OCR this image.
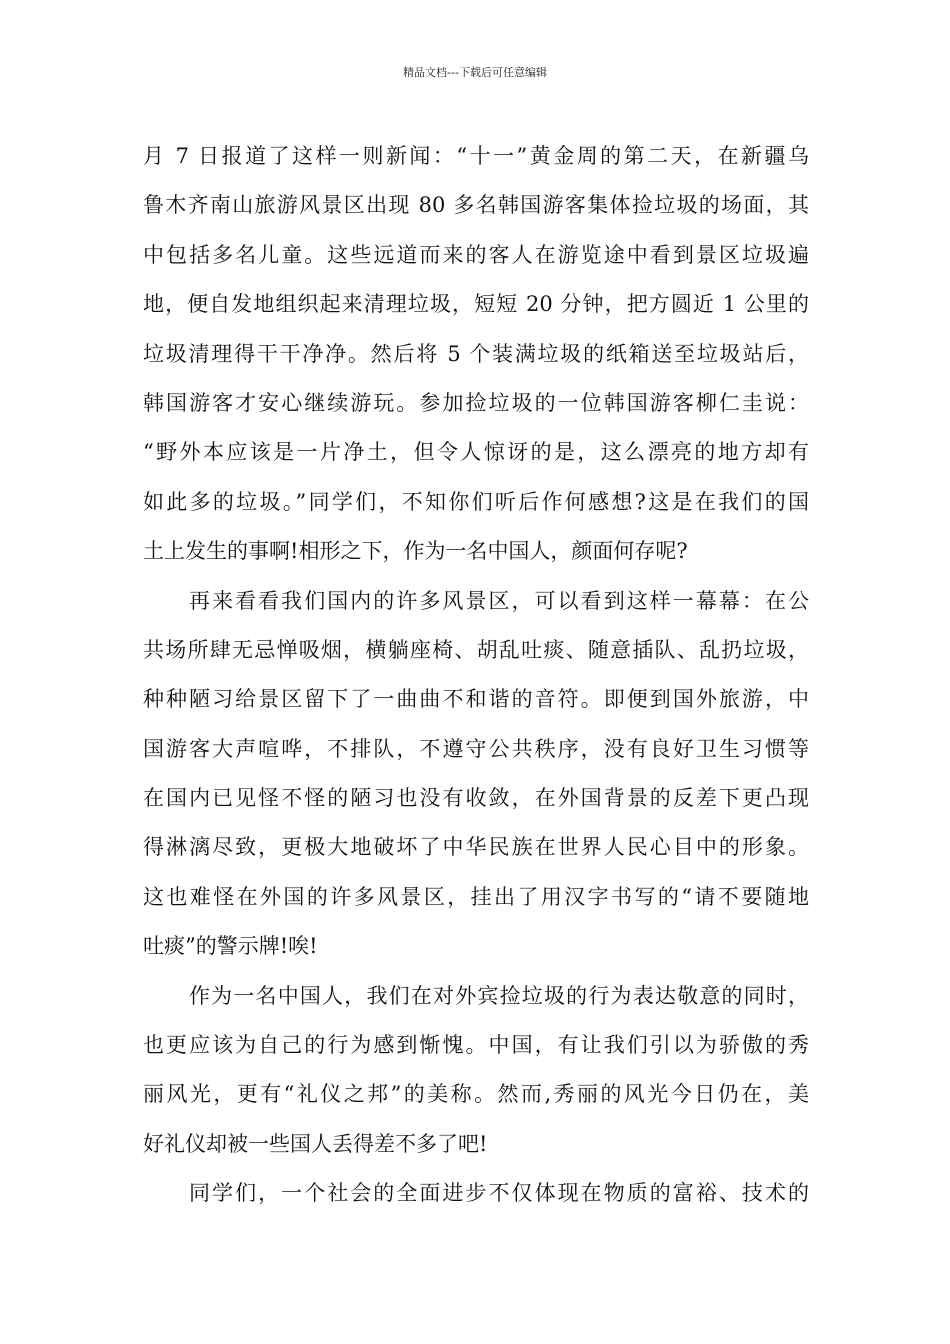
精品文档---下载后可任意编辑
月 7 日报道了这样一则新闻：“十一”黄金周的第二天，在新疆乌
鲁木齐南山旅游风景区出现 80 多名韩国游客集体捡垃圾的场面，其
中包括多名儿童。这些远道而来的客人在游览途中看到景区垃圾遍
地，便自发地组织起来清理垃圾，短短 20 分钟，把方圆近 1 公里的
垃圾清理得干干净净。然后将 5 个装满垃圾的纸箱送至垃圾站后，
韩国游客才安心继续游玩。参加捡垃圾的一位韩国游客柳仁圭说：
“野外本应该是一片净土，但令人惊讶的是，这么漂亮的地方却有
如此多的垃圾。”同学们，不知你们听后作何感想?这是在我们的国
土上发生的事啊!相形之下，作为一名中国人，颜面何存呢?
再来看看我们国内的许多风景区，可以看到这样一幕幕：在公
共场所肆无忌惮吸烟，横躺座椅、胡乱吐痰、随意插队、乱扔垃圾，
种种陋习给景区留下了一曲曲不和谐的音符。即便到国外旅游，中
国游客大声喧哗，不排队，不遵守公共秩序，没有良好卫生习惯等
在国内已见怪不怪的陋习也没有收敛，在外国背景的反差下更凸现
得淋漓尽致，更极大地破坏了中华民族在世界人民心目中的形象。
这也难怪在外国的许多风景区，挂出了用汉字书写的“请不要随地
吐痰”的警示牌!唉!
作为一名中国人，我们在对外宾捡垃圾的行为表达敬意的同时，
也更应该为自己的行为感到惭愧。中国，有让我们引以为骄傲的秀
丽风光，更有“礼仪之邦”的美称。然而,秀丽的风光今日仍在，美
好礼仪却被一些国人丢得差不多了吧!
同学们，一个社会的全面进步不仅体现在物质的富裕、技术的
